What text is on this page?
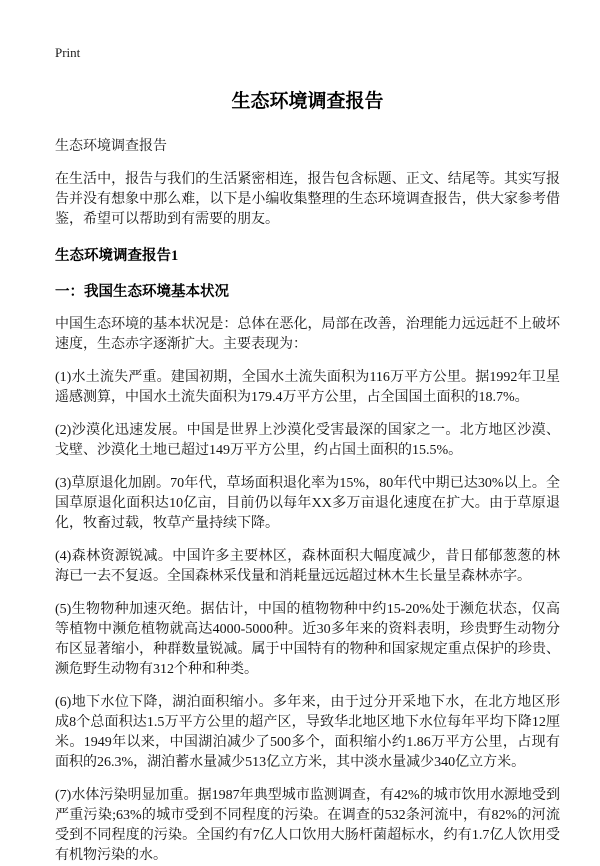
Print
生态环境调查报告
生态环境调查报告

在生活中，报告与我们的生活紧密相连，报告包含标题、正文、结尾等。其实写报告并没有想象中那么难，以下是小编收集整理的生态环境调查报告，供大家参考借鉴，希望可以帮助到有需要的朋友。

生态环境调查报告1
一：我国生态环境基本状况

中国生态环境的基本状况是：总体在恶化，局部在改善，治理能力远远赶不上破坏速度，生态赤字逐渐扩大。主要表现为：

(1)水土流失严重。建国初期，全国水土流失面积为116万平方公里。据1992年卫星遥感测算，中国水土流失面积为179.4万平方公里，占全国国土面积的18.7%。

(2)沙漠化迅速发展。中国是世界上沙漠化受害最深的国家之一。北方地区沙漠、戈壁、沙漠化土地已超过149万平方公里，约占国土面积的15.5%。

(3)草原退化加剧。70年代，草场面积退化率为15%，80年代中期已达30%以上。全国草原退化面积达10亿亩，目前仍以每年XX多万亩退化速度在扩大。由于草原退化，牧畜过载，牧草产量持续下降。

(4)森林资源锐减。中国许多主要林区，森林面积大幅度减少，昔日郁郁葱葱的林海已一去不复返。全国森林采伐量和消耗量远远超过林木生长量呈森林赤字。

(5)生物物种加速灭绝。据估计，中国的植物物种中约15-20%处于濒危状态，仅高等植物中濒危植物就高达4000-5000种。近30多年来的资料表明，珍贵野生动物分布区显著缩小，种群数量锐减。属于中国特有的物种和国家规定重点保护的珍贵、濒危野生动物有312个种和种类。

(6)地下水位下降，湖泊面积缩小。多年来，由于过分开采地下水，在北方地区形成8个总面积达1.5万平方公里的超产区，导致华北地区地下水位每年平均下降12厘米。1949年以来，中国湖泊减少了500多个，面积缩小约1.86万平方公里，占现有面积的26.3%，湖泊蓄水量减少513亿立方米，其中淡水量减少340亿立方米。

(7)水体污染明显加重。据1987年典型城市监测调查，有42%的城市饮用水源地受到严重污染;63%的城市受到不同程度的污染。在调查的532条河流中，有82%的河流受到不同程度的污染。全国约有7亿人口饮用大肠杆菌超标水，约有1.7亿人饮用受有机物污染的水。
